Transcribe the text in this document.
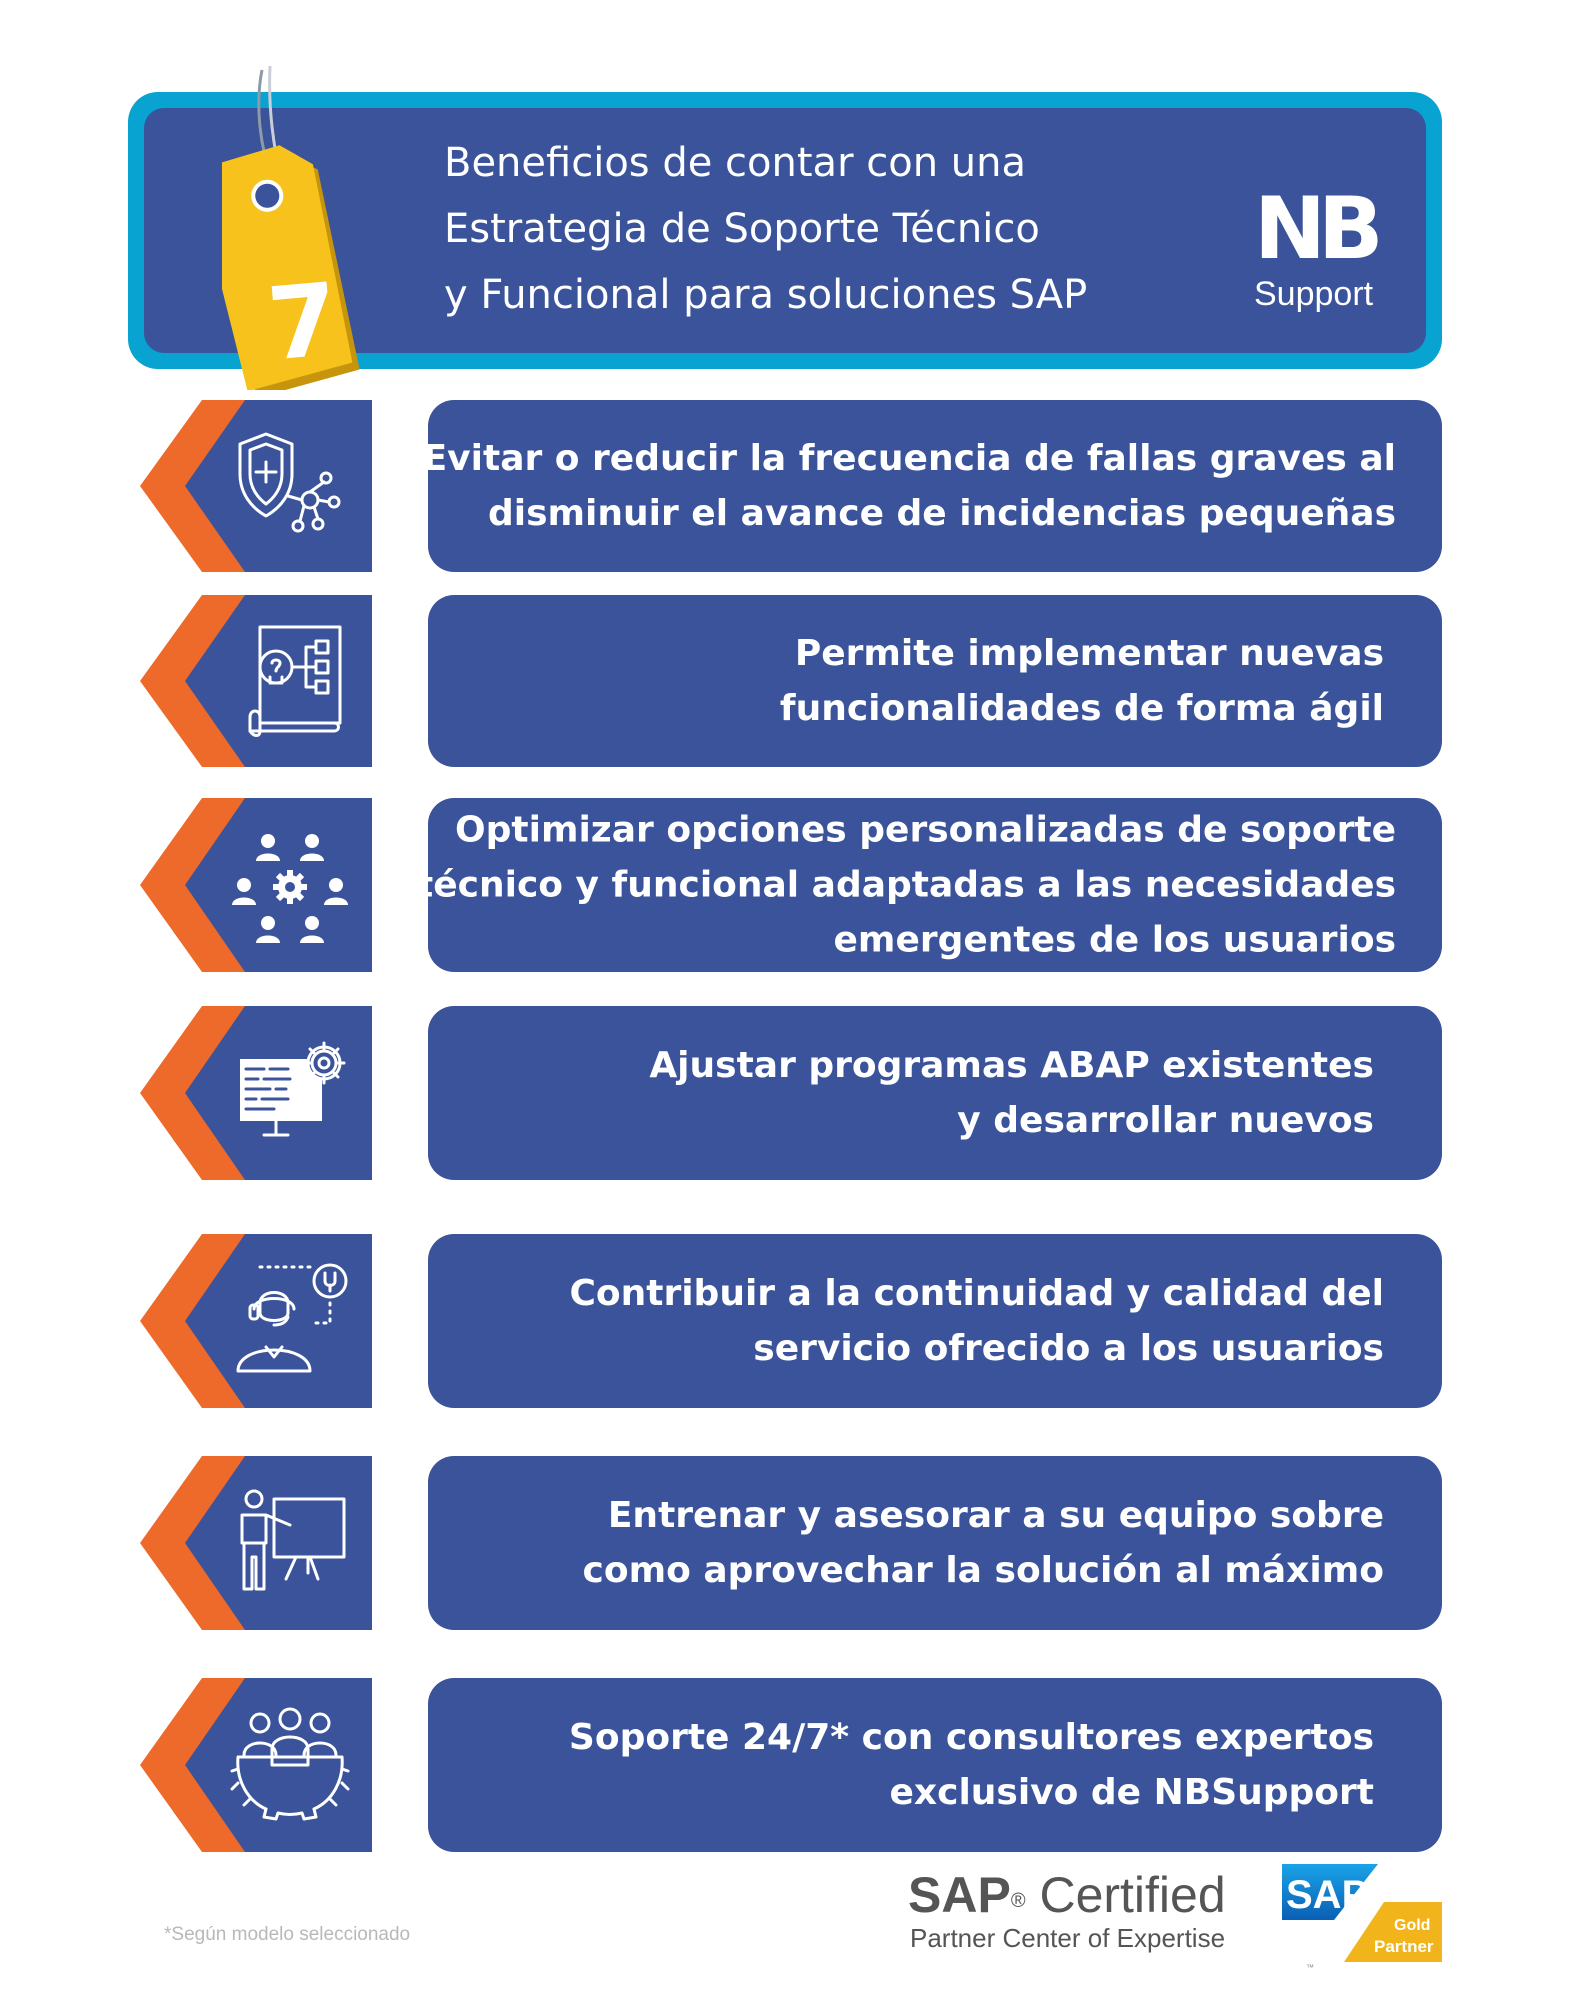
Beneficios de contar con una
Estrategia de Soporte Técnico
y Funcional para soluciones SAP
7
NB
Support

Evitar o reducir la frecuencia de fallas graves al
disminuir el avance de incidencias pequeñas

Permite implementar nuevas
funcionalidades de forma ágil

Optimizar opciones personalizadas de soporte
técnico y funcional adaptadas a las necesidades
emergentes de los usuarios

Ajustar programas ABAP existentes
y desarrollar nuevos

Contribuir a la continuidad y calidad del
servicio ofrecido a los usuarios

Entrenar y asesorar a su equipo sobre
como aprovechar la solución al máximo

Soporte 24/7* con consultores expertos
exclusivo de NBSupport

*Según modelo seleccionado

SAP® Certified
Partner Center of Expertise
SAP
Gold
Partner
™
